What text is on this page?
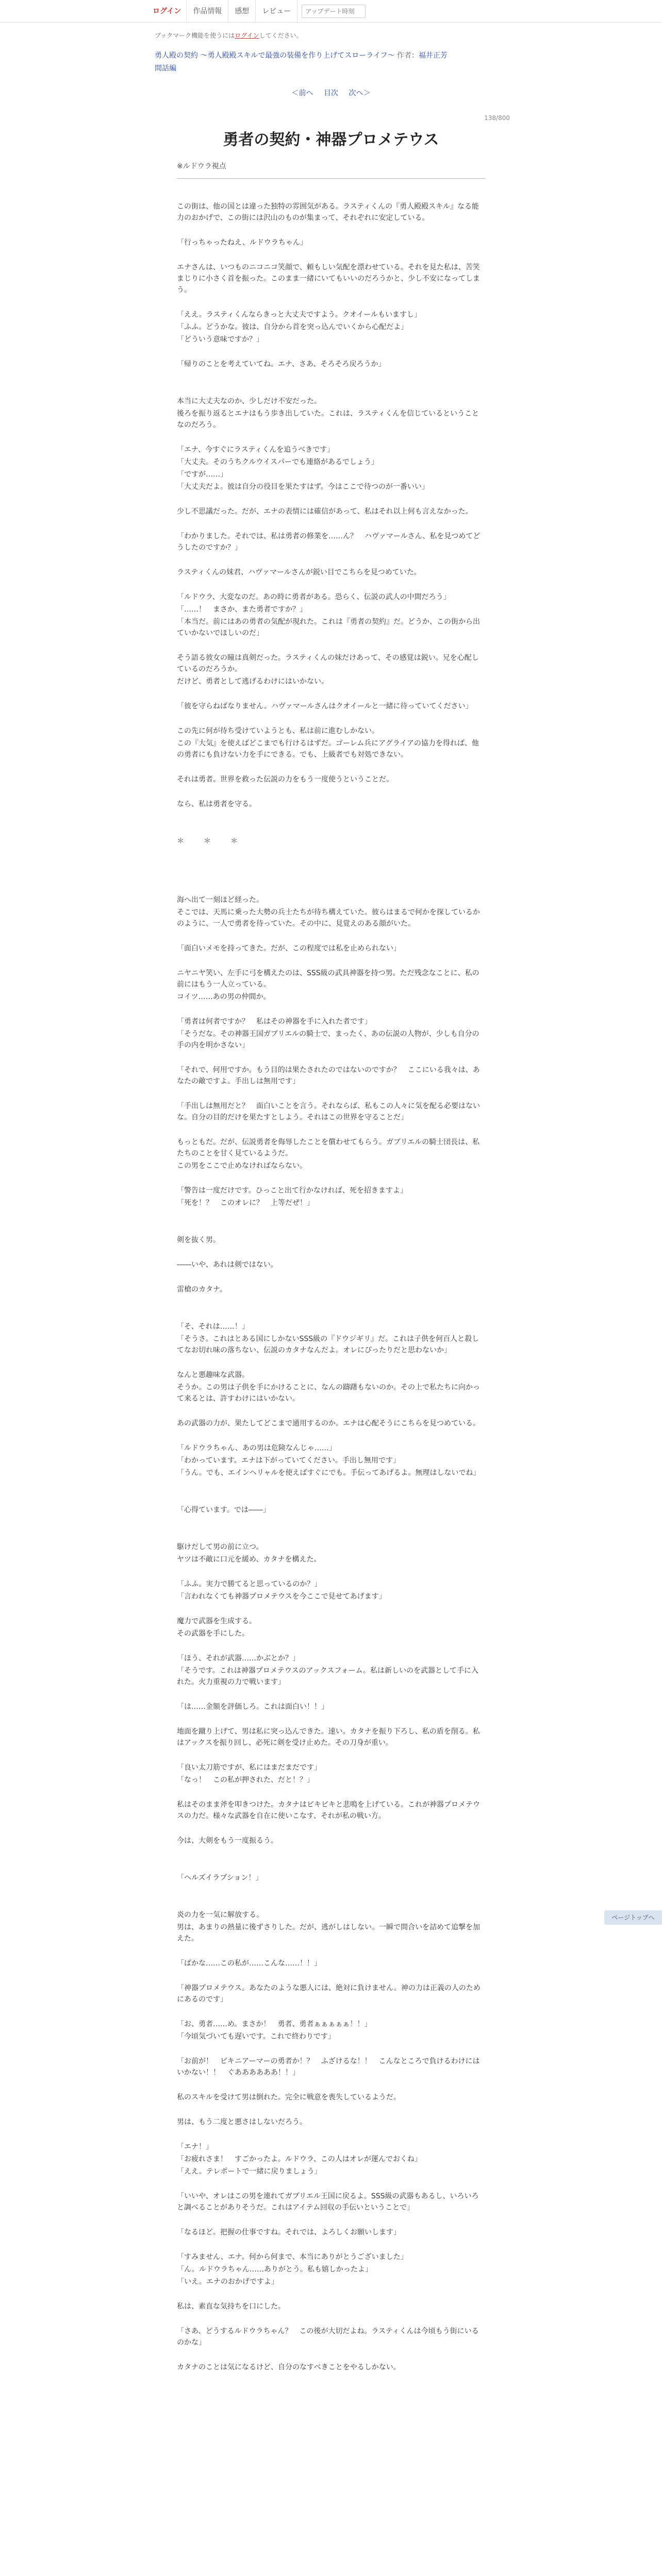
ログイン	作品情報	感想	レビュー
アップデート時刻
ブックマーク機能を使うにはログインしてください。
勇人殿の契約 ～勇人殿殿スキルで最強の装備を作り上げてスローライフ～ 作者：福井正芳
間話編
＜前へ 目次 次へ＞
138/800
勇者の契約・神器プロメテウス
※ルドウラ視点

この街は、他の国とは違った独特の雰囲気がある。ラスティくんの『勇人殿殿スキル』なる能力のおかげで、この街には沢山のものが集まって、それぞれに安定している。

「行っちゃったねえ、ルドウラちゃん」

エナさんは、いつものニコニコ笑顔で、頼もしい気配を漂わせている。それを見た私は、苦笑まじりに小さく首を振った。このまま一緒にいてもいいのだろうかと、少し不安になってしまう。

「ええ。ラスティくんならきっと大丈夫ですよう。クオイールもいますし」

「ふふ。どうかな。彼は、自分から首を突っ込んでいくから心配だよ」

「どういう意味ですか？」

「帰りのことを考えていてね。エナ、さあ、そろそろ戻ろうか」

本当に大丈夫なのか、少しだけ不安だった。

後ろを振り返るとエナはもう歩き出していた。これは、ラスティくんを信じているということなのだろう。

「エナ、今すぐにラスティくんを追うべきです」

「大丈夫。そのうちクルウイスパーでも連絡があるでしょう」

「ですが……」

「大丈夫だよ。彼は自分の役目を果たすはず。今はここで待つのが一番いい」

少し不思議だった。だが、エナの表情には確信があって、私はそれ以上何も言えなかった。

「わかりました。それでは、私は勇者の修業を……ん？　ハヴァマールさん、私を見つめてどうしたのですか？」

ラスティくんの妹君、ハヴァマールさんが鋭い目でこちらを見つめていた。

「ルドウラ、大変なのだ。あの時に勇者がある。恐らく、伝説の武人の中間だろう」

「……！　まさか、また勇者ですか？」

「本当だ。前にはあの勇者の気配が現れた。これは『勇者の契約』だ。どうか、この街から出ていかないでほしいのだ」

そう語る彼女の瞳は真剣だった。ラスティくんの妹だけあって、その感覚は鋭い。兄を心配しているのだろうか。

だけど、勇者として逃げるわけにはいかない。

「彼を守らねばなりません。ハヴァマールさんはクオイールと一緒に待っていてください」

この先に何が待ち受けていようとも、私は前に進むしかない。

この『大気』を使えばどこまでも行けるはずだ。ゴーレム兵にアグライアの協力を得れば、他の勇者にも負けない力を手にできる。でも、上級者でも対処できない。

それは勇者。世界を救った伝説の力をもう一度使うということだ。

なら、私は勇者を守る。

＊　＊　＊

海へ出て一刻ほど経った。

そこでは、天馬に乗った大勢の兵士たちが待ち構えていた。彼らはまるで何かを探しているかのように、一人で勇者を待っていた。その中に、見覚えのある顔がいた。

「面白いメモを持ってきた。だが、この程度では私を止められない」

ニヤニヤ笑い、左手に弓を構えたのは、SSS級の武具神器を持つ男。ただ残念なことに、私の前にはもう一人立っている。

コイツ……あの男の仲間か。

「勇者は何者ですか？　私はその神器を手に入れた者です」

「そうだな。その神器王国ガブリエルの騎士で、まったく、あの伝説の人物が、少しも自分の手の内を明かさない」

「それで、何用ですか。もう目的は果たされたのではないのですか？　ここにいる我々は、あなたの敵ですよ。手出しは無用です」

「手出しは無用だと？　面白いことを言う。それならば、私もこの人々に気を配る必要はないな。自分の目的だけを果たすとしよう。それはこの世界を守ることだ」

もっともだ。だが、伝説勇者を侮辱したことを償わせてもらう。ガブリエルの騎士団長は、私たちのことを甘く見ているようだ。

この男をここで止めなければならない。

「警告は一度だけです。ひっこと出て行かなければ、死を招きますよ」

「死を！？　このオレに？　上等だぜ！」

剣を抜く男。

――いや、あれは剣ではない。

雷槍のカタナ。

「そ、それは……！」

「そうさ。これはとある国にしかないSSS級の『ドウジギリ』だ。これは子供を何百人と殺してなお切れ味の落ちない、伝説のカタナなんだよ。オレにぴったりだと思わないか」

なんと悪趣味な武器。

そうか。この男は子供を手にかけることに、なんの躊躇もないのか。その上で私たちに向かって来るとは、許すわけにはいかない。

あの武器の力が、果たしてどこまで通用するのか。エナは心配そうにこちらを見つめている。

「ルドウラちゃん、あの男は危険なんじゃ……」

「わかっています。エナは下がっていてください。手出し無用です」

「うん。でも、エインヘリャルを使えばすぐにでも。手伝ってあげるよ。無理はしないでね」

「心得ています。では――」

駆けだして男の前に立つ。

ヤツは不敵に口元を緩め、カタナを構えた。

「ふふ。実力で勝てると思っているのか？」

「言われなくても神器プロメテウスを今ここで見せてあげます」

魔力で武器を生成する。

その武器を手にした。

「ほう、それが武器……かぶとか？」

「そうです。これは神器プロメテウスのアックスフォーム。私は新しいのを武器として手に入れた。火力重視の力で戦います」

「は……金額を評価しろ。これは面白い！！」

地面を蹴り上げて、男は私に突っ込んできた。速い。カタナを振り下ろし、私の盾を削る。私はアックスを振り回し、必死に剣を受け止めた。その刀身が重い。

「良い太刀筋ですが、私にはまだまだです」

「なっ！　この私が押された、だと！？」

私はそのまま斧を叩きつけた。カタナはビキビキと悲鳴を上げている。これが神器プロメテウスの力だ。様々な武器を自在に使いこなす、それが私の戦い方。

今は、大剣をもう一度振るう。

「ヘルズイラプション！」

炎の力を一気に解放する。

男は、あまりの熱量に後ずさりした。だが、逃がしはしない。一瞬で間合いを詰めて追撃を加えた。

「ばかな……この私が……こんな……！！」

「神器プロメテウス。あなたのような悪人には、絶対に負けません。神の力は正義の人のためにあるのです」

「お、勇者……め。まさか！　勇者、勇者ぁぁぁぁぁ！！」

「今頃気づいても遅いです。これで終わりです」

「お前が！　ビキニアーマーの勇者か！？　ふざけるな！！　こんなところで負けるわけにはいかない！！　ぐああああああ！！」

私のスキルを受けて男は倒れた。完全に戦意を喪失しているようだ。

男は、もう二度と悪さはしないだろう。

「エナ！」

「お疲れさま！　すごかったよ。ルドウラ、この人はオレが運んでおくね」

「ええ。テレポートで一緒に戻りましょう」

「いいや、オレはこの男を連れてガブリエル王国に戻るよ。SSS級の武器もあるし、いろいろと調べることがありそうだ。これはアイテム回収の手伝いということで」

「なるほど。把握の仕事ですね。それでは、よろしくお願いします」

「すみません、エナ。何から何まで、本当にありがとうございました」

「ん。ルドウラちゃん……ありがとう。私も嬉しかったよ」

「いえ。エナのおかげですよ」

私は、素直な気持ちを口にした。

「さあ、どうするルドウラちゃん？　この後が大切だよね。ラスティくんは今頃もう街にいるのかな」

カタナのことは気になるけど、自分のなすべきことをやるしかない。

ページトップへ
